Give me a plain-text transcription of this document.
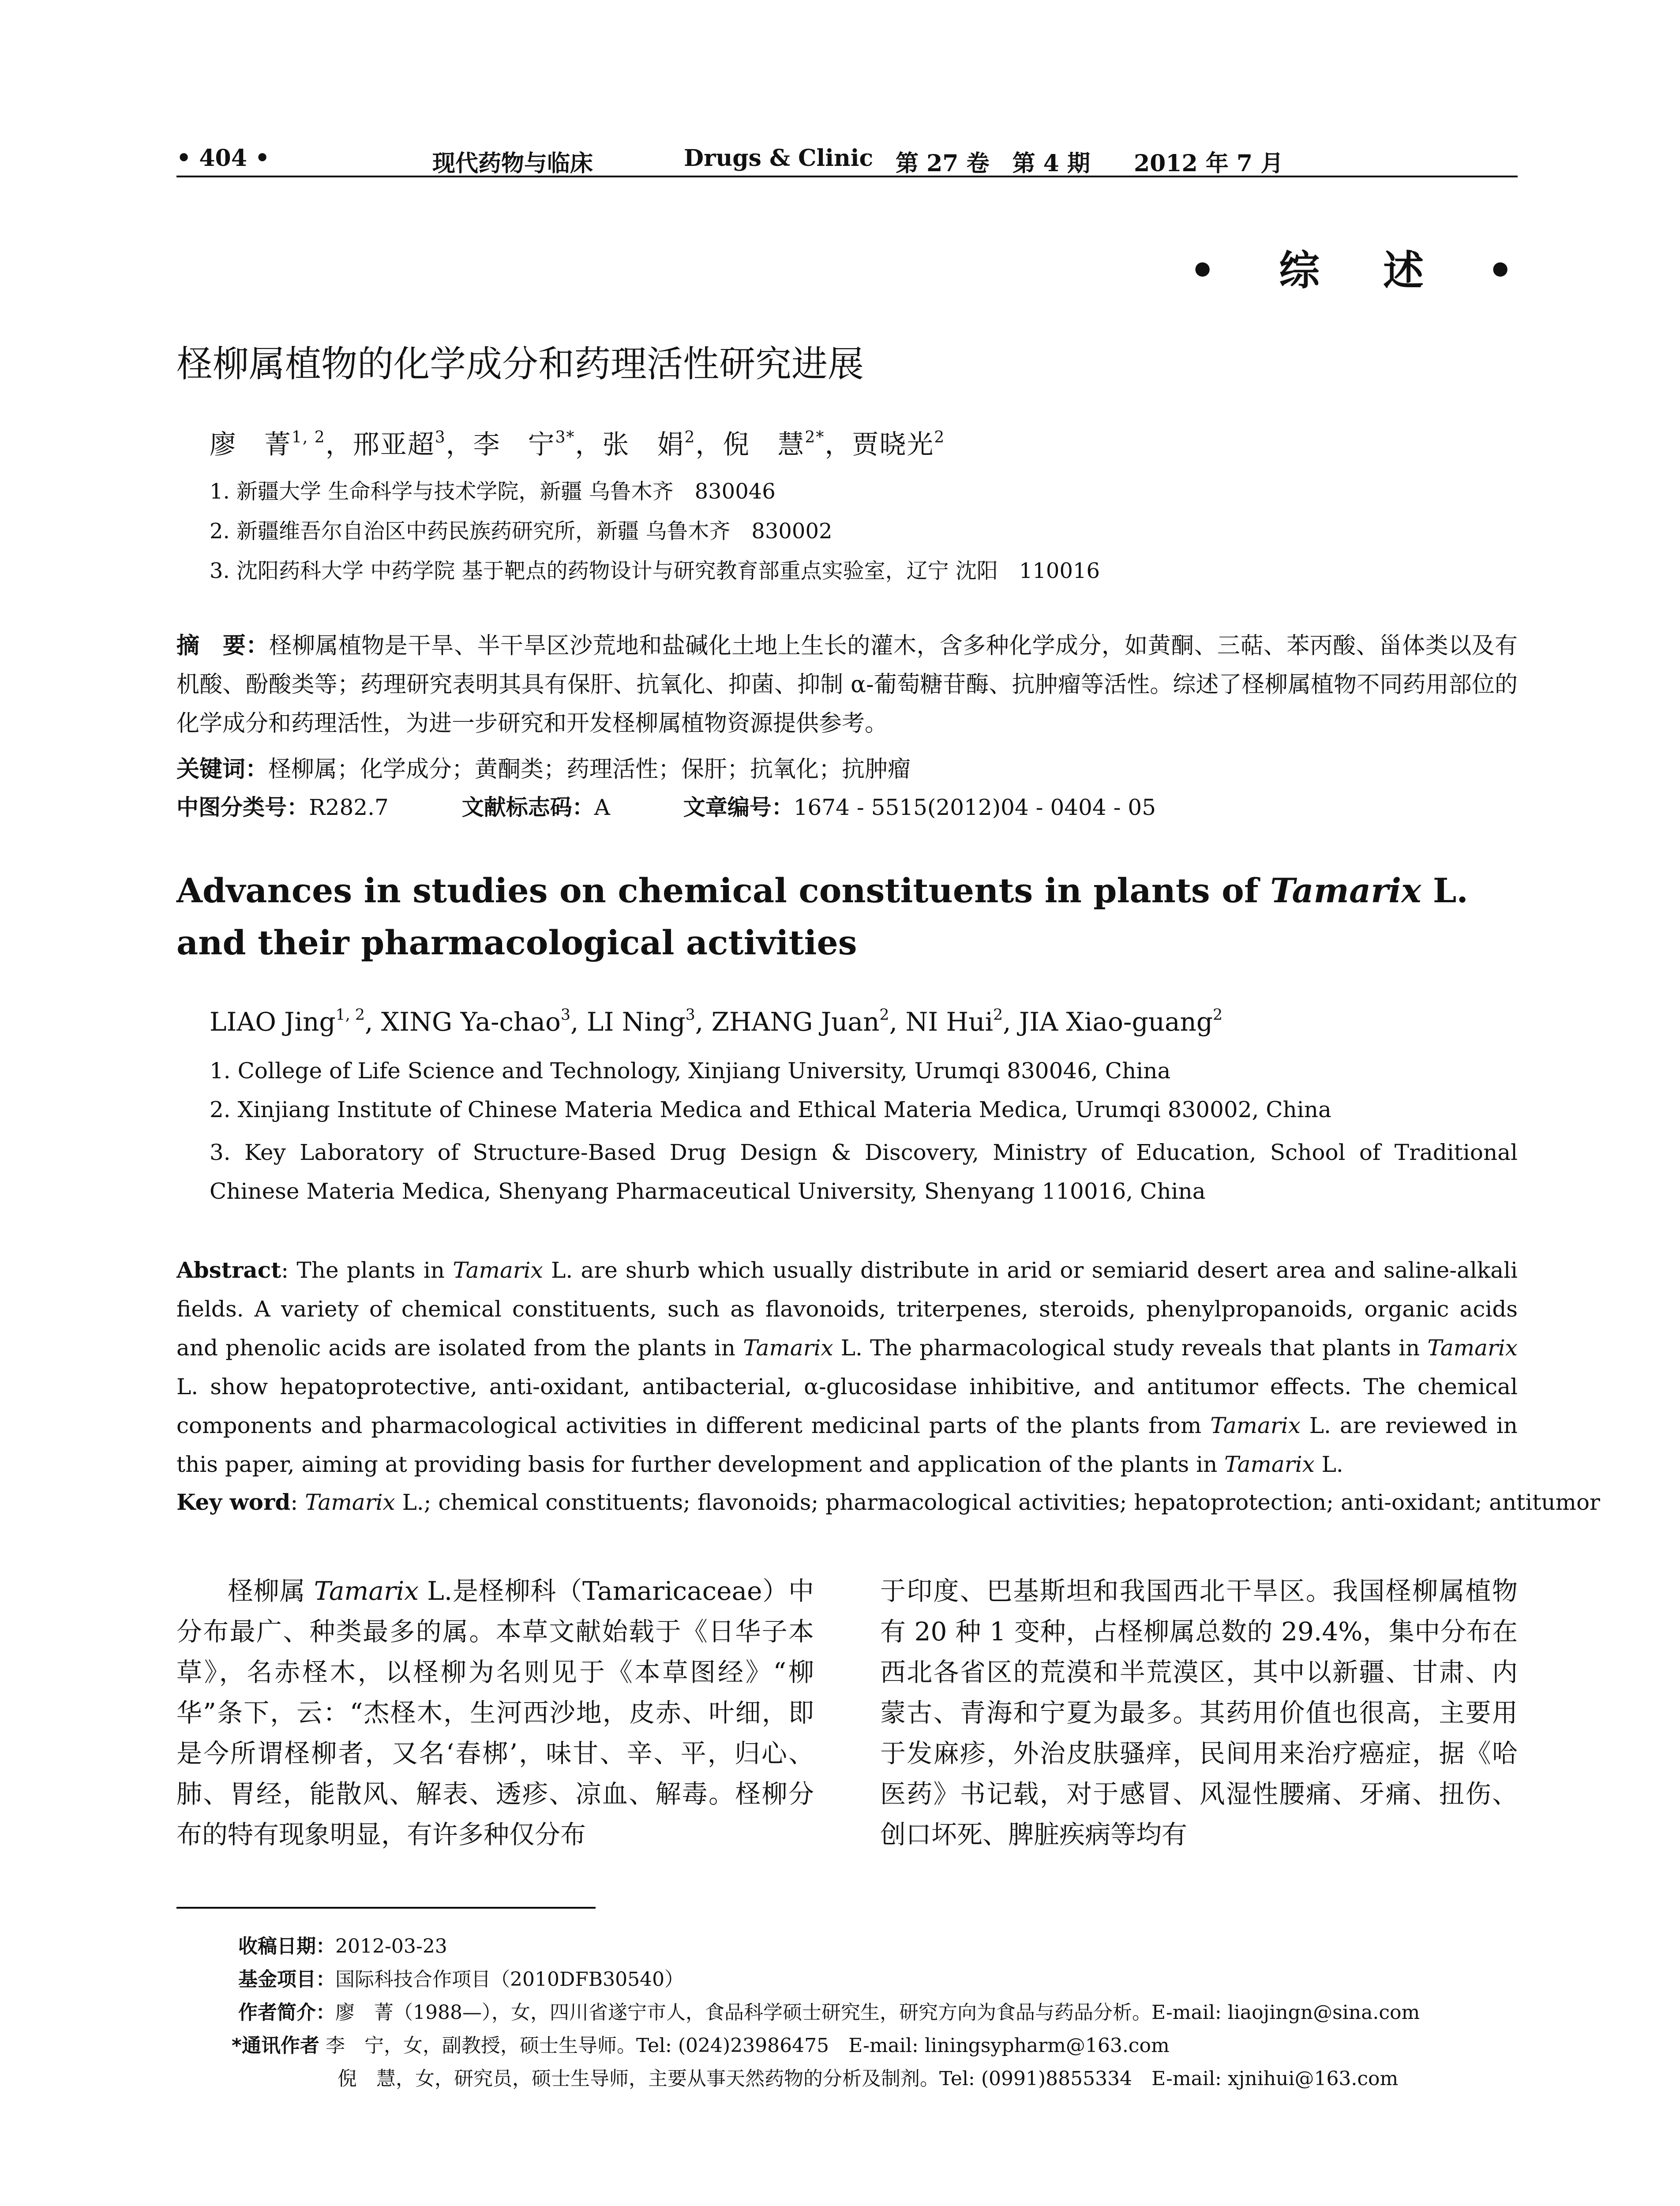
• 404 •	现代药物与临床	Drugs & Clinic 第 27 卷　第 4 期 2012 年 7 月
• 综 述 •
柽柳属植物的化学成分和药理活性研究进展
廖　菁$^{1, 2}$，邢亚超$^3$，李　宁$^{3*}$，张　娟$^2$，倪　慧$^{2*}$，贾晓光$^2$
1. 新疆大学 生命科学与技术学院，新疆 乌鲁木齐　830046
2. 新疆维吾尔自治区中药民族药研究所，新疆 乌鲁木齐　830002
3. 沈阳药科大学 中药学院 基于靶点的药物设计与研究教育部重点实验室，辽宁 沈阳　110016
摘　要：柽柳属植物是干旱、半干旱区沙荒地和盐碱化土地上生长的灌木，含多种化学成分，如黄酮、三萜、苯丙酸、甾体类以及有机酸、酚酸类等；药理研究表明其具有保肝、抗氧化、抑菌、抑制 α-葡萄糖苷酶、抗肿瘤等活性。综述了柽柳属植物不同药用部位的化学成分和药理活性，为进一步研究和开发柽柳属植物资源提供参考。
关键词：柽柳属；化学成分；黄酮类；药理活性；保肝；抗氧化；抗肿瘤
中图分类号：R282.7	文献标志码：A	文章编号：1674 - 5515(2012)04 - 0404 - 05
Advances in studies on chemical constituents in plants of Tamarix L. and their pharmacological activities
LIAO Jing$^{1, 2}$, XING Ya-chao$^3$, LI Ning$^3$, ZHANG Juan$^2$, NI Hui$^2$, JIA Xiao-guang$^2$
1. College of Life Science and Technology, Xinjiang University, Urumqi 830046, China
2. Xinjiang Institute of Chinese Materia Medica and Ethical Materia Medica, Urumqi 830002, China
3. Key Laboratory of Structure-Based Drug Design & Discovery, Ministry of Education, School of Traditional Chinese Materia Medica, Shenyang Pharmaceutical University, Shenyang 110016, China
Abstract: The plants in Tamarix L. are shurb which usually distribute in arid or semiarid desert area and saline-alkali fields. A variety of chemical constituents, such as flavonoids, triterpenes, steroids, phenylpropanoids, organic acids and phenolic acids are isolated from the plants in Tamarix L. The pharmacological study reveals that plants in Tamarix L. show hepatoprotective, anti-oxidant, antibacterial, α-glucosidase inhibitive, and antitumor effects. The chemical components and pharmacological activities in different medicinal parts of the plants from Tamarix L. are reviewed in this paper, aiming at providing basis for further development and application of the plants in Tamarix L.
Key word: Tamarix L.; chemical constituents; flavonoids; pharmacological activities; hepatoprotection; anti-oxidant; antitumor
柽柳属 Tamarix L.是柽柳科（Tamaricaceae）中分布最广、种类最多的属。本草文献始载于《日华子本草》，名赤柽木，以柽柳为名则见于《本草图经》“柳华”条下，云：“杰柽木，生河西沙地，皮赤、叶细，即是今所谓柽柳者，又名‘春梆’，味甘、辛、平，归心、肺、胃经，能散风、解表、透疹、凉血、解毒。柽柳分布的特有现象明显，有许多种仅分布
于印度、巴基斯坦和我国西北干旱区。我国柽柳属植物有 20 种 1 变种，占柽柳属总数的 29.4%，集中分布在西北各省区的荒漠和半荒漠区，其中以新疆、甘肃、内蒙古、青海和宁夏为最多。其药用价值也很高，主要用于发麻疹，外治皮肤骚痒，民间用来治疗癌症，据《哈医药》书记载，对于感冒、风湿性腰痛、牙痛、扭伤、创口坏死、脾脏疾病等均有
收稿日期：2012-03-23
基金项目：国际科技合作项目（2010DFB30540）
作者简介：廖　菁（1988—），女，四川省遂宁市人，食品科学硕士研究生，研究方向为食品与药品分析。E-mail: liaojingn@sina.com
*通讯作者 李　宁，女，副教授，硕士生导师。Tel: (024)23986475　E-mail: liningsypharm@163.com
倪　慧，女，研究员，硕士生导师，主要从事天然药物的分析及制剂。Tel: (0991)8855334　E-mail: xjnihui@163.com
